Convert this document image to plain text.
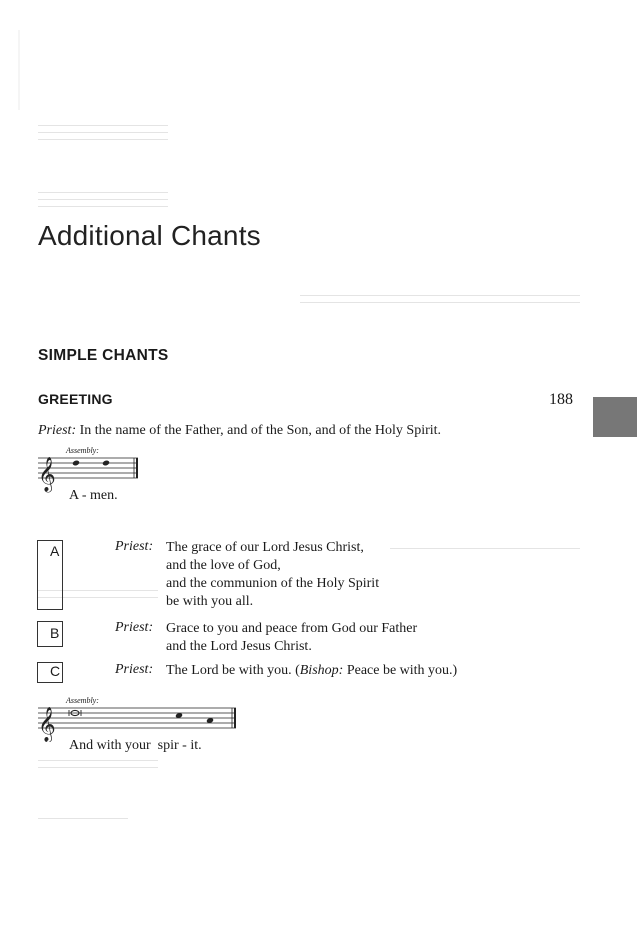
Additional Chants
SIMPLE CHANTS
GREETING	188
Priest: In the name of the Father, and of the Son, and of the Holy Spirit.
𝄞
Assembly:
A - men.
A	Priest: The grace of our Lord Jesus Christ,
and the love of God,
and the communion of the Holy Spirit
be with you all.
B	Priest: Grace to you and peace from God our Father
and the Lord Jesus Christ.
C	Priest: The Lord be with you. (Bishop: Peace be with you.)
𝄞
Assembly:
And with your  spir - it.
